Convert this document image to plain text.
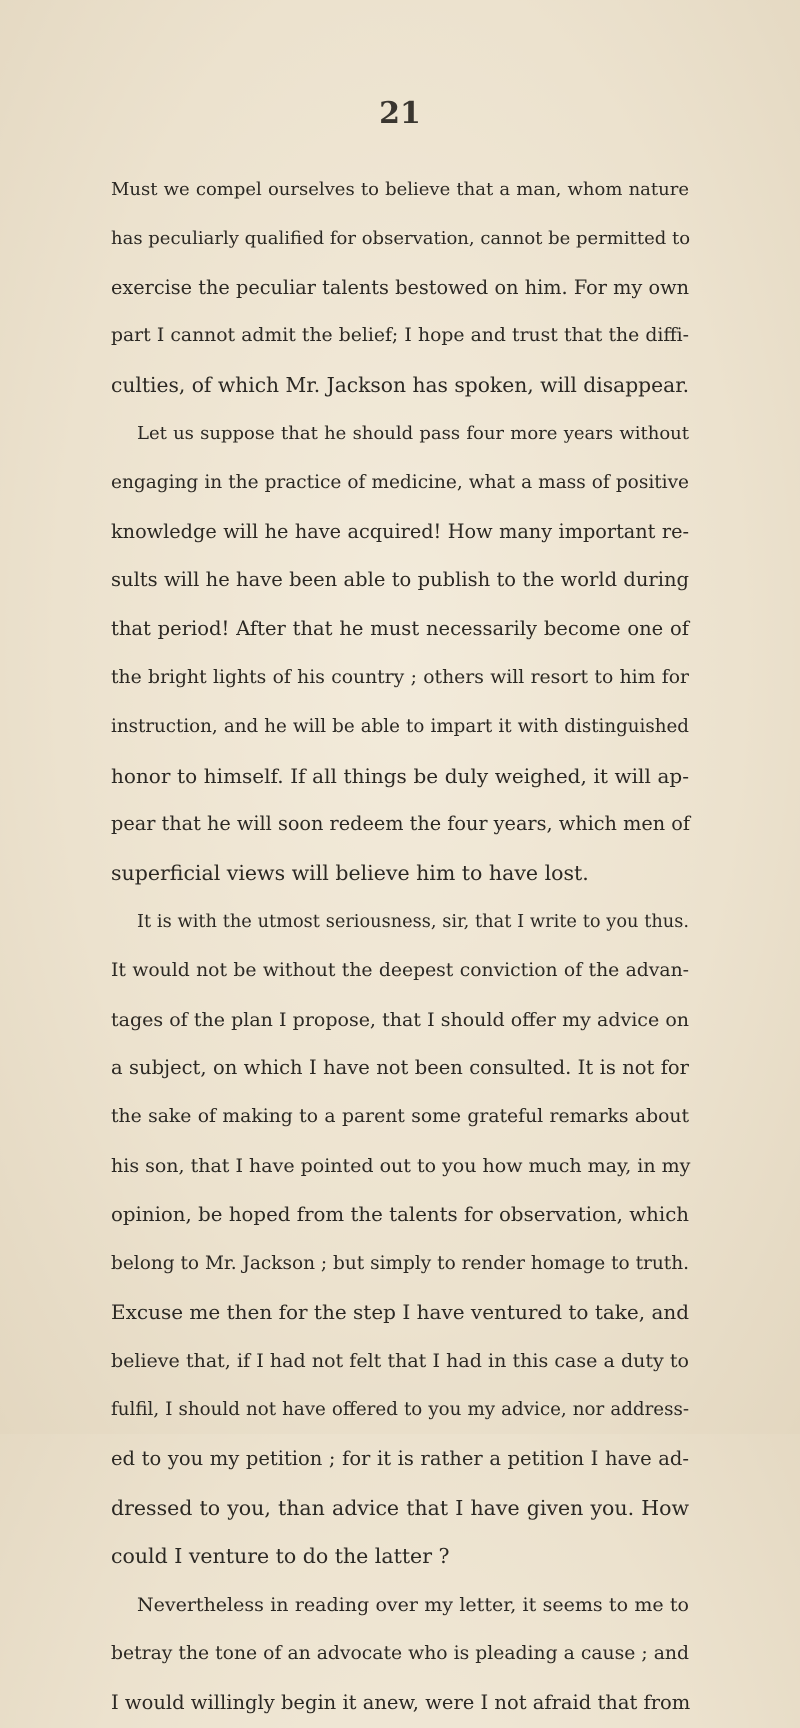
21
Must we compel ourselves to believe that a man, whom nature
has peculiarly qualified for observation, cannot be permitted to
exercise the peculiar talents bestowed on him. For my own
part I cannot admit the belief; I hope and trust that the diffi-
culties, of which Mr. Jackson has spoken, will disappear.
Let us suppose that he should pass four more years without
engaging in the practice of medicine, what a mass of positive
knowledge will he have acquired! How many important re-
sults will he have been able to publish to the world during
that period! After that he must necessarily become one of
the bright lights of his country ; others will resort to him for
instruction, and he will be able to impart it with distinguished
honor to himself. If all things be duly weighed, it will ap-
pear that he will soon redeem the four years, which men of
superficial views will believe him to have lost.
It is with the utmost seriousness, sir, that I write to you thus.
It would not be without the deepest conviction of the advan-
tages of the plan I propose, that I should offer my advice on
a subject, on which I have not been consulted. It is not for
the sake of making to a parent some grateful remarks about
his son, that I have pointed out to you how much may, in my
opinion, be hoped from the talents for observation, which
belong to Mr. Jackson ; but simply to render homage to truth.
Excuse me then for the step I have ventured to take, and
believe that, if I had not felt that I had in this case a duty to
fulfil, I should not have offered to you my advice, nor address-
ed to you my petition ; for it is rather a petition I have ad-
dressed to you, than advice that I have given you. How
could I venture to do the latter ?
Nevertheless in reading over my letter, it seems to me to
betray the tone of an advocate who is pleading a cause ; and
I would willingly begin it anew, were I not afraid that from
